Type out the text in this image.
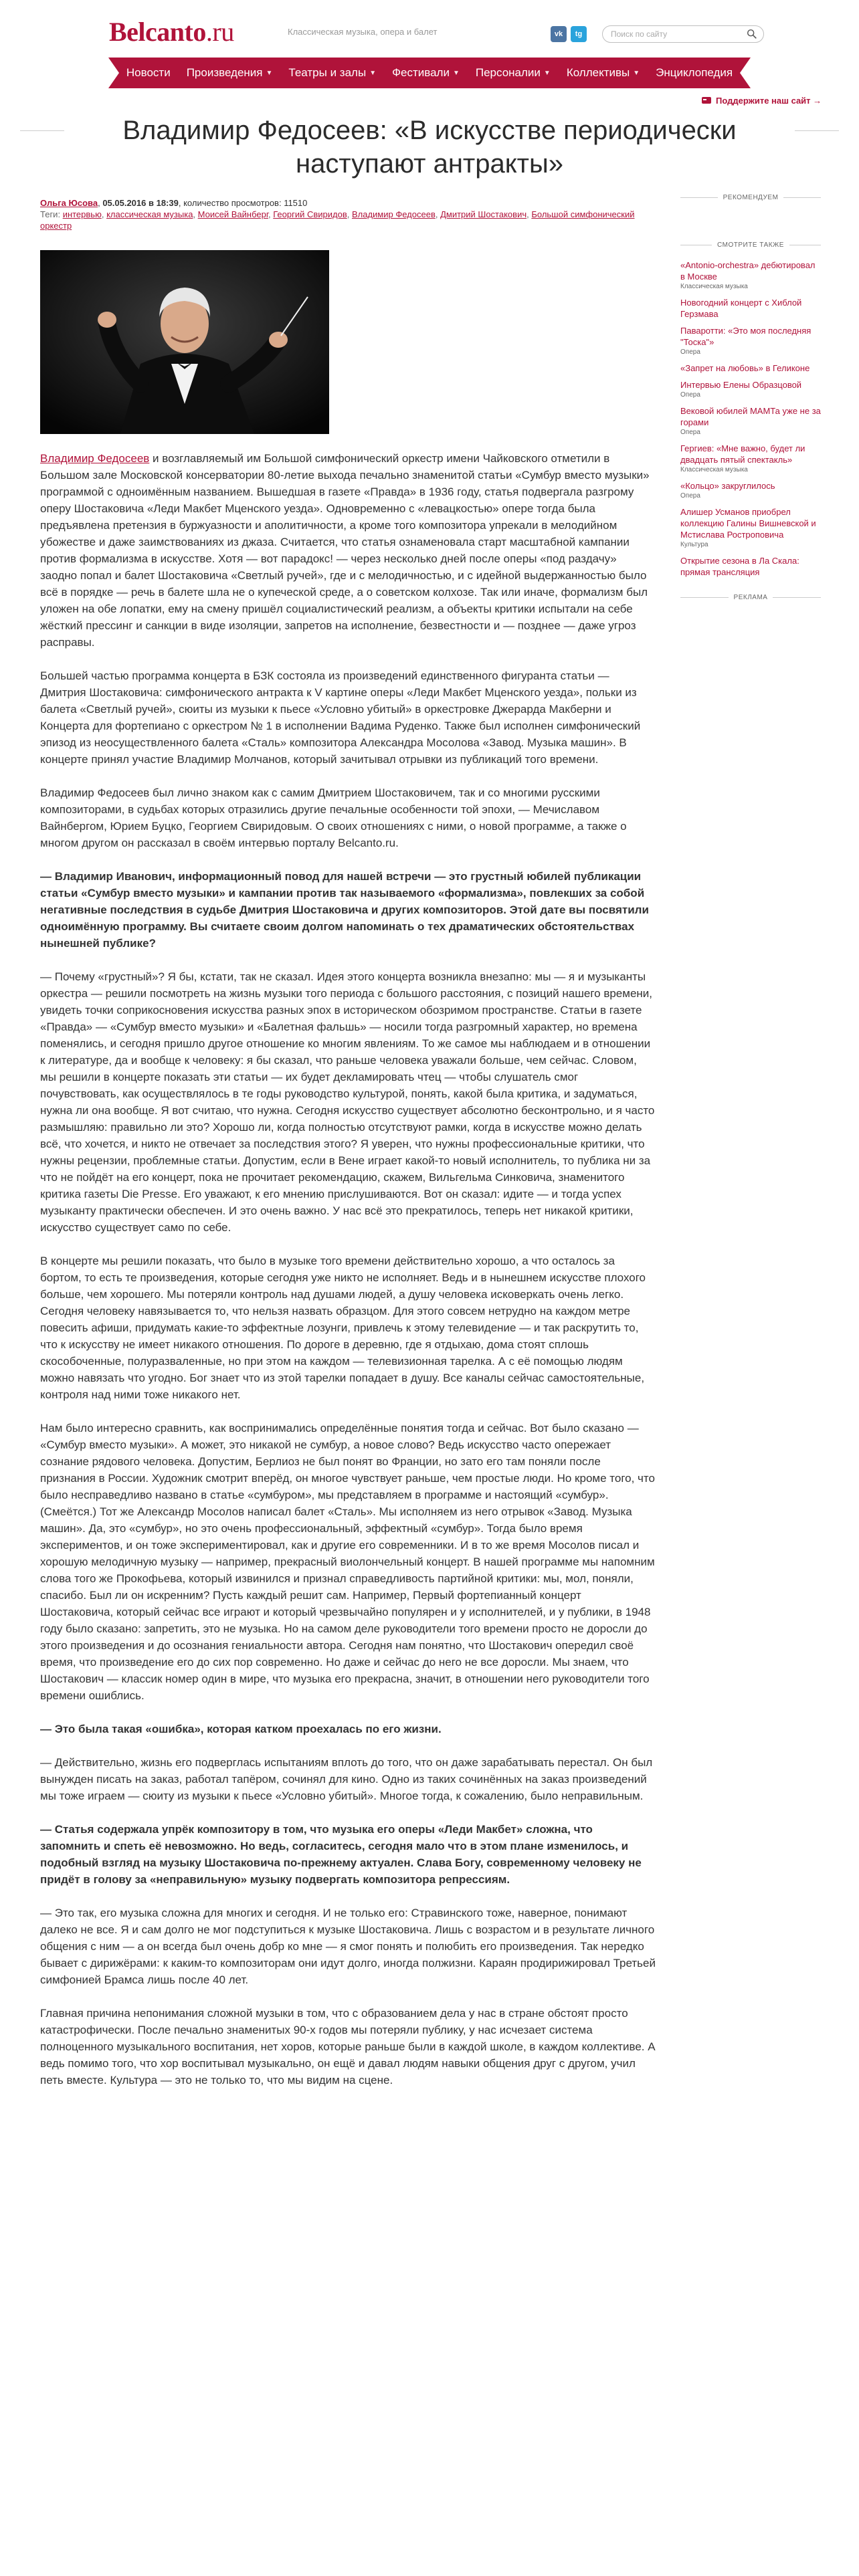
Belcanto.ru	Классическая музыка, опера и балет	vk	tg
Поиск по сайту
Новости Произведения ▼ Театры и залы ▼ Фестивали ▼ Персоналии ▼ Коллективы ▼ Энциклопедия
Поддержите наш сайт →
Владимир Федосеев: «В искусстве периодически наступают антракты»
Ольга Юсова, 05.05.2016 в 18:39, количество просмотров: 11510
Теги: интервью, классическая музыка, Моисей Вайнберг, Георгий Свиридов, Владимир Федосеев, Дмитрий Шостакович, Большой симфонический оркестр

Владимир Федосеев и возглавляемый им Большой симфонический оркестр имени Чайковского отметили в Большом зале Московской консерватории 80-летие выхода печально знаменитой статьи «Сумбур вместо музыки» программой с одноимённым названием. Вышедшая в газете «Правда» в 1936 году, статья подвергала разгрому оперу Шостаковича «Леди Макбет Мценского уезда». Одновременно с «левацкостью» опере тогда была предъявлена претензия в буржуазности и аполитичности, а кроме того композитора упрекали в мелодийном убожестве и даже заимствованиях из джаза. Считается, что статья ознаменовала старт масштабной кампании против формализма в искусстве. Хотя — вот парадокс! — через несколько дней после оперы «под раздачу» заодно попал и балет Шостаковича «Светлый ручей», где и с мелодичностью, и с идейной выдержанностью было всё в порядке — речь в балете шла не о купеческой среде, а о советском колхозе. Так или иначе, формализм был уложен на обе лопатки, ему на смену пришёл социалистический реализм, а объекты критики испытали на себе жёсткий прессинг и санкции в виде изоляции, запретов на исполнение, безвестности и — позднее — даже угроз расправы.

Большей частью программа концерта в БЗК состояла из произведений единственного фигуранта статьи — Дмитрия Шостаковича: симфонического антракта к V картине оперы «Леди Макбет Мценского уезда», польки из балета «Светлый ручей», сюиты из музыки к пьесе «Условно убитый» в оркестровке Джерарда Макберни и Концерта для фортепиано с оркестром № 1 в исполнении Вадима Руденко. Также был исполнен симфонический эпизод из неосуществленного балета «Сталь» композитора Александра Мосолова «Завод. Музыка машин». В концерте принял участие Владимир Молчанов, который зачитывал отрывки из публикаций того времени.

Владимир Федосеев был лично знаком как с самим Дмитрием Шостаковичем, так и со многими русскими композиторами, в судьбах которых отразились другие печальные особенности той эпохи, — Мечиславом Вайнбергом, Юрием Буцко, Георгием Свиридовым. О своих отношениях с ними, о новой программе, а также о многом другом он рассказал в своём интервью порталу Belcanto.ru.

— Владимир Иванович, информационный повод для нашей встречи — это грустный юбилей публикации статьи «Сумбур вместо музыки» и кампании против так называемого «формализма», повлекших за собой негативные последствия в судьбе Дмитрия Шостаковича и других композиторов. Этой дате вы посвятили одноимённую программу. Вы считаете своим долгом напоминать о тех драматических обстоятельствах нынешней публике?

— Почему «грустный»? Я бы, кстати, так не сказал. Идея этого концерта возникла внезапно: мы — я и музыканты оркестра — решили посмотреть на жизнь музыки того периода с большого расстояния, с позиций нашего времени, увидеть точки соприкосновения искусства разных эпох в историческом обозримом пространстве. Статьи в газете «Правда» — «Сумбур вместо музыки» и «Балетная фальшь» — носили тогда разгромный характер, но времена поменялись, и сегодня пришло другое отношение ко многим явлениям. То же самое мы наблюдаем и в отношении к литературе, да и вообще к человеку: я бы сказал, что раньше человека уважали больше, чем сейчас. Словом, мы решили в концерте показать эти статьи — их будет декламировать чтец — чтобы слушатель смог почувствовать, как осуществлялось в те годы руководство культурой, понять, какой была критика, и задуматься, нужна ли она вообще. Я вот считаю, что нужна. Сегодня искусство существует абсолютно бесконтрольно, и я часто размышляю: правильно ли это? Хорошо ли, когда полностью отсутствуют рамки, когда в искусстве можно делать всё, что хочется, и никто не отвечает за последствия этого? Я уверен, что нужны профессиональные критики, что нужны рецензии, проблемные статьи. Допустим, если в Вене играет какой-то новый исполнитель, то публика ни за что не пойдёт на его концерт, пока не прочитает рекомендацию, скажем, Вильгельма Синковича, знаменитого критика газеты Die Presse. Его уважают, к его мнению прислушиваются. Вот он сказал: идите — и тогда успех музыканту практически обеспечен. И это очень важно. У нас всё это прекратилось, теперь нет никакой критики, искусство существует само по себе.

В концерте мы решили показать, что было в музыке того времени действительно хорошо, а что осталось за бортом, то есть те произведения, которые сегодня уже никто не исполняет. Ведь и в нынешнем искусстве плохого больше, чем хорошего. Мы потеряли контроль над душами людей, а душу человека исковеркать очень легко. Сегодня человеку навязывается то, что нельзя назвать образцом. Для этого совсем нетрудно на каждом метре повесить афиши, придумать какие-то эффектные лозунги, привлечь к этому телевидение — и так раскрутить то, что к искусству не имеет никакого отношения. По дороге в деревню, где я отдыхаю, дома стоят сплошь скособоченные, полуразваленные, но при этом на каждом — телевизионная тарелка. А с её помощью людям можно навязать что угодно. Бог знает что из этой тарелки попадает в душу. Все каналы сейчас самостоятельные, контроля над ними тоже никакого нет.

Нам было интересно сравнить, как воспринимались определённые понятия тогда и сейчас. Вот было сказано — «Сумбур вместо музыки». А может, это никакой не сумбур, а новое слово? Ведь искусство часто опережает сознание рядового человека. Допустим, Берлиоз не был понят во Франции, но зато его там поняли после признания в России. Художник смотрит вперёд, он многое чувствует раньше, чем простые люди. Но кроме того, что было несправедливо названо в статье «сумбуром», мы представляем в программе и настоящий «сумбур». (Смеётся.) Тот же Александр Мосолов написал балет «Сталь». Мы исполняем из него отрывок «Завод. Музыка машин». Да, это «сумбур», но это очень профессиональный, эффектный «сумбур». Тогда было время экспериментов, и он тоже экспериментировал, как и другие его современники. И в то же время Мосолов писал и хорошую мелодичную музыку — например, прекрасный виолончельный концерт. В нашей программе мы напомним слова того же Прокофьева, который извинился и признал справедливость партийной критики: мы, мол, поняли, спасибо. Был ли он искренним? Пусть каждый решит сам. Например, Первый фортепианный концерт Шостаковича, который сейчас все играют и который чрезвычайно популярен и у исполнителей, и у публики, в 1948 году было сказано: запретить, это не музыка. Но на самом деле руководители того времени просто не доросли до этого произведения и до осознания гениальности автора. Сегодня нам понятно, что Шостакович опередил своё время, что произведение его до сих пор современно. Но даже и сейчас до него не все доросли. Мы знаем, что Шостакович — классик номер один в мире, что музыка его прекрасна, значит, в отношении него руководители того времени ошиблись.

— Это была такая «ошибка», которая катком проехалась по его жизни.

— Действительно, жизнь его подверглась испытаниям вплоть до того, что он даже зарабатывать перестал. Он был вынужден писать на заказ, работал тапёром, сочинял для кино. Одно из таких сочинённых на заказ произведений мы тоже играем — сюиту из музыки к пьесе «Условно убитый». Многое тогда, к сожалению, было неправильным.

— Статья содержала упрёк композитору в том, что музыка его оперы «Леди Макбет» сложна, что запомнить и спеть её невозможно. Но ведь, согласитесь, сегодня мало что в этом плане изменилось, и подобный взгляд на музыку Шостаковича по-прежнему актуален. Слава Богу, современному человеку не придёт в голову за «неправильную» музыку подвергать композитора репрессиям.

— Это так, его музыка сложна для многих и сегодня. И не только его: Стравинского тоже, наверное, понимают далеко не все. Я и сам долго не мог подступиться к музыке Шостаковича. Лишь с возрастом и в результате личного общения с ним — а он всегда был очень добр ко мне — я смог понять и полюбить его произведения. Так нередко бывает с дирижёрами: к каким-то композиторам они идут долго, иногда полжизни. Караян продирижировал Третьей симфонией Брамса лишь после 40 лет.

Главная причина непонимания сложной музыки в том, что с образованием дела у нас в стране обстоят просто катастрофически. После печально знаменитых 90-х годов мы потеряли публику, у нас исчезает система полноценного музыкального воспитания, нет хоров, которые раньше были в каждой школе, в каждом коллективе. А ведь помимо того, что хор воспитывал музыкально, он ещё и давал людям навыки общения друг с другом, учил петь вместе. Культура — это не только то, что мы видим на сцене.

РЕКОМЕНДУЕМ
СМОТРИТЕ ТАКЖЕ
«Antonio-orchestra» дебютировал в Москве
Классическая музыка
Новогодний концерт с Хиблой Герзмава
Паваротти: «Это моя последняя "Тоска"»
Опера
«Запрет на любовь» в Геликоне
Интервью Елены Образцовой
Опера
Вековой юбилей МАМТа уже не за горами
Опера
Гергиев: «Мне важно, будет ли двадцать пятый спектакль»
Классическая музыка
«Кольцо» закруглилось
Опера
Алишер Усманов приобрел коллекцию Галины Вишневской и Мстислава Ростроповича
Культура
Открытие сезона в Ла Скала: прямая трансляция
РЕКЛАМА
